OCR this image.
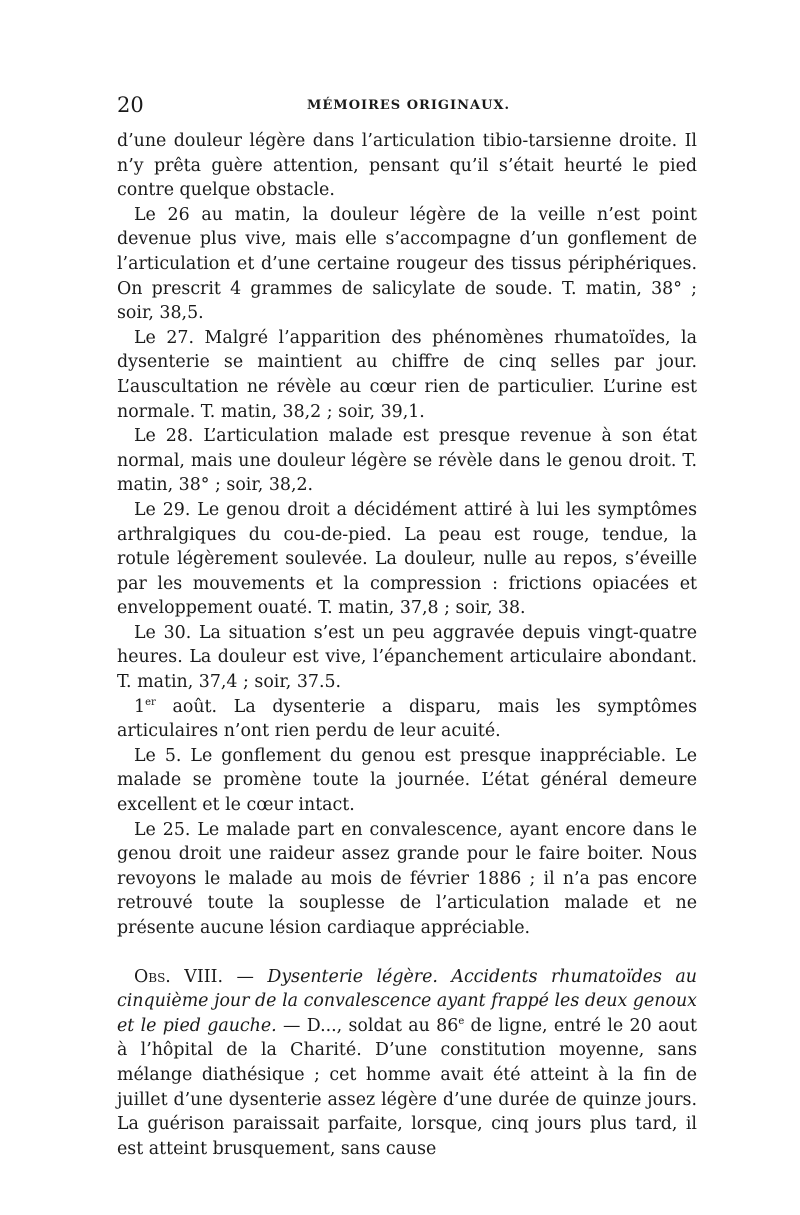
20	MÉMOIRES ORIGINAUX.

d’une douleur légère dans l’articulation tibio-tarsienne droite. Il n’y prêta guère attention, pensant qu’il s’était heurté le pied contre quelque obstacle.

Le 26 au matin, la douleur légère de la veille n’est point devenue plus vive, mais elle s’accompagne d’un gonflement de l’articulation et d’une certaine rougeur des tissus périphériques. On prescrit 4 grammes de salicylate de soude. T. matin, 38° ; soir, 38,5.

Le 27. Malgré l’apparition des phénomènes rhumatoïdes, la dysenterie se maintient au chiffre de cinq selles par jour. L’auscultation ne révèle au cœur rien de particulier. L’urine est normale. T. matin, 38,2 ; soir, 39,1.

Le 28. L’articulation malade est presque revenue à son état normal, mais une douleur légère se révèle dans le genou droit. T. matin, 38° ; soir, 38,2.

Le 29. Le genou droit a décidément attiré à lui les symptômes arthralgiques du cou-de-pied. La peau est rouge, tendue, la rotule légèrement soulevée. La douleur, nulle au repos, s’éveille par les mouvements et la compression : frictions opiacées et enveloppement ouaté. T. matin, 37,8 ; soir, 38.

Le 30. La situation s’est un peu aggravée depuis vingt-quatre heures. La douleur est vive, l’épanchement articulaire abondant. T. matin, 37,4 ; soir, 37.5.

1er août. La dysenterie a disparu, mais les symptômes articulaires n’ont rien perdu de leur acuité.

Le 5. Le gonflement du genou est presque inappréciable. Le malade se promène toute la journée. L’état général demeure excellent et le cœur intact.

Le 25. Le malade part en convalescence, ayant encore dans le genou droit une raideur assez grande pour le faire boiter. Nous revoyons le malade au mois de février 1886 ; il n’a pas encore retrouvé toute la souplesse de l’articulation malade et ne présente aucune lésion cardiaque appréciable.

Obs. VIII. — Dysenterie légère. Accidents rhumatoïdes au cinquième jour de la convalescence ayant frappé les deux genoux et le pied gauche. — D..., soldat au 86e de ligne, entré le 20 aout à l’hôpital de la Charité. D’une constitution moyenne, sans mélange diathésique ; cet homme avait été atteint à la fin de juillet d’une dysenterie assez légère d’une durée de quinze jours. La guérison paraissait parfaite, lorsque, cinq jours plus tard, il est atteint brusquement, sans cause
